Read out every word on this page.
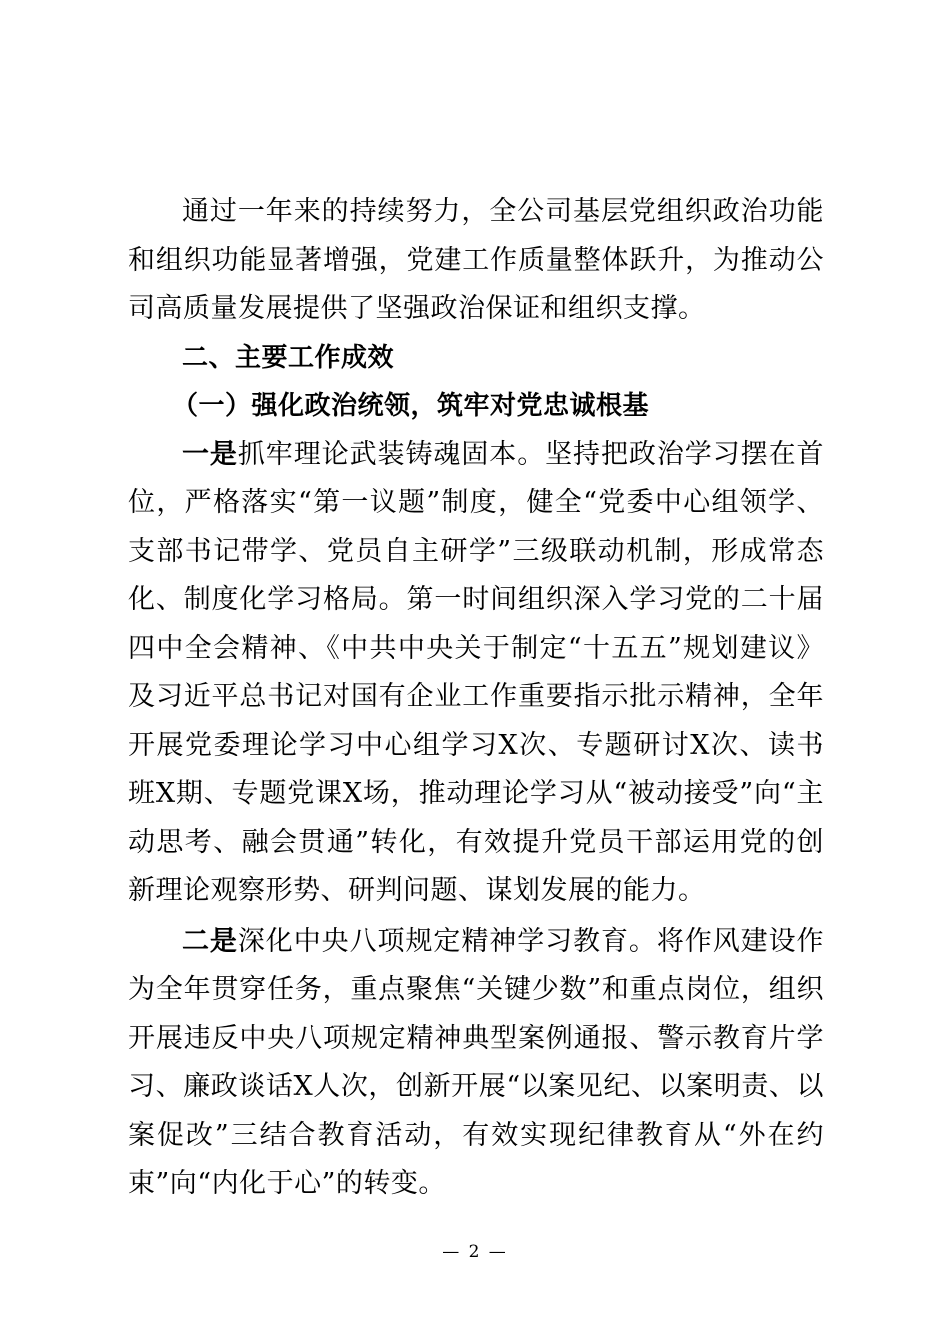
通过一年来的持续努力，全公司基层党组织政治功能和组织功能显著增强，党建工作质量整体跃升，为推动公司高质量发展提供了坚强政治保证和组织支撑。

二、主要工作成效

（一）强化政治统领，筑牢对党忠诚根基

一是抓牢理论武装铸魂固本。坚持把政治学习摆在首位，严格落实“第一议题”制度，健全“党委中心组领学、支部书记带学、党员自主研学”三级联动机制，形成常态化、制度化学习格局。第一时间组织深入学习党的二十届四中全会精神、《中共中央关于制定“十五五”规划建议》及习近平总书记对国有企业工作重要指示批示精神，全年开展党委理论学习中心组学习X次、专题研讨X次、读书班X期、专题党课X场，推动理论学习从“被动接受”向“主动思考、融会贯通”转化，有效提升党员干部运用党的创新理论观察形势、研判问题、谋划发展的能力。

二是深化中央八项规定精神学习教育。将作风建设作为全年贯穿任务，重点聚焦“关键少数”和重点岗位，组织开展违反中央八项规定精神典型案例通报、警示教育片学习、廉政谈话X人次，创新开展“以案见纪、以案明责、以案促改”三结合教育活动，有效实现纪律教育从“外在约束”向“内化于心”的转变。

— 2 —
